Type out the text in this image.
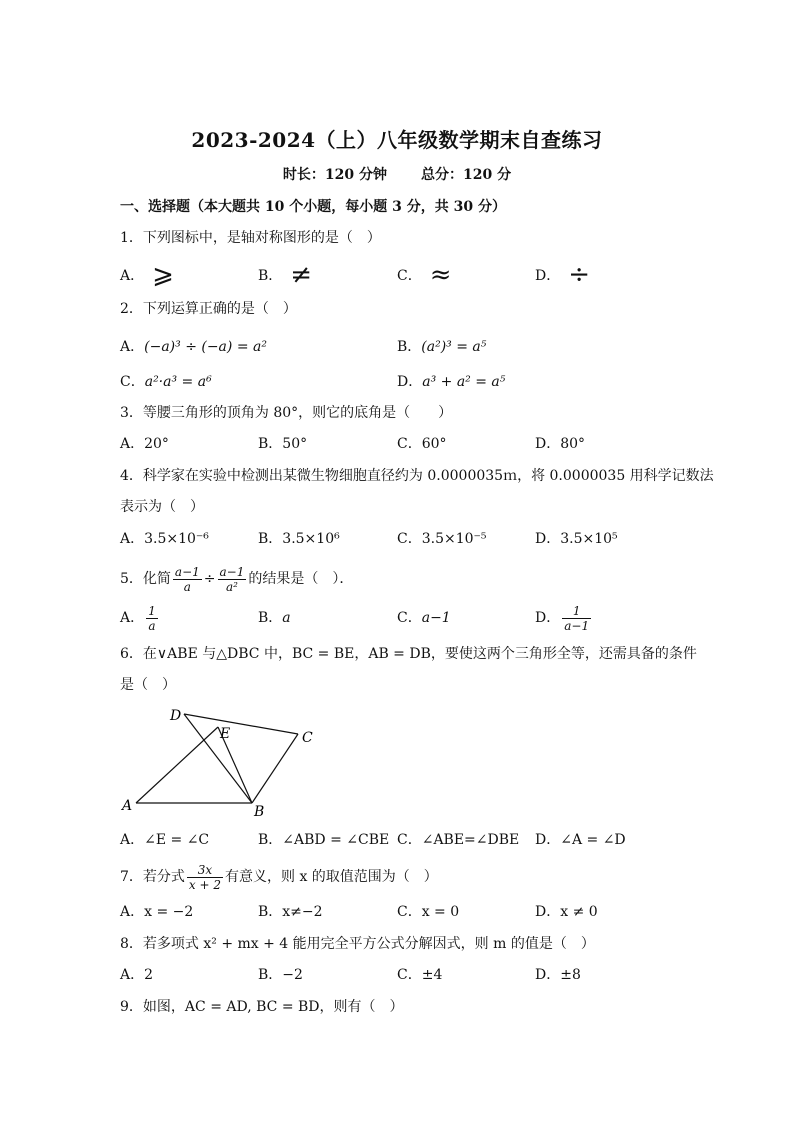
2023-2024（上）八年级数学期末自查练习
时长：120 分钟 总分：120 分
一、选择题（本大题共 10 个小题，每小题 3 分，共 30 分）
1．下列图标中，是轴对称图形的是（　）
A． ⩾	B． ≠	C． ≈	D． ÷
2．下列运算正确的是（　）
A．(−a)³ ÷ (−a) = a²	B．(a²)³ = a⁵
C．a²·a³ = a⁶	D．a³ + a² = a⁵
3．等腰三角形的顶角为 80°，则它的底角是（　　）
A．20°	B．50°	C．60°	D．80°
4．科学家在实验中检测出某微生物细胞直径约为 0.0000035ｍ，将 0.0000035 用科学记数法
表示为（　）
A．3.5×10⁻⁶	B．3.5×10⁶	C．3.5×10⁻⁵	D．3.5×10⁵
5．化简 $\frac{a-1}{a} \div \frac{a-1}{\text{a²}}$ 的结果是（　）．
A． $\frac{1}{a}$	B．a	C．a−1	D． $\frac{1}{a-1}$
6．在∨ABE 与△DBC 中，BC = BE，AB = DB，要使这两个三角形全等，还需具备的条件
是（　）
D
E	C
A	B
A．∠E = ∠C	B．∠ABD = ∠CBE C．∠ABE=∠DBE D．∠A = ∠D
7．若分式 $\frac{3x}{x + 2}$ 有意义，则 x 的取值范围为（　）
A．x = −2	B．x≠−2	C．x = 0	D．x ≠ 0
8．若多项式 x² + mx + 4 能用完全平方公式分解因式，则 m 的值是（　）
A．2	B．−2	C．±4	D．±8
9．如图，AC = AD, BC = BD，则有（　）
